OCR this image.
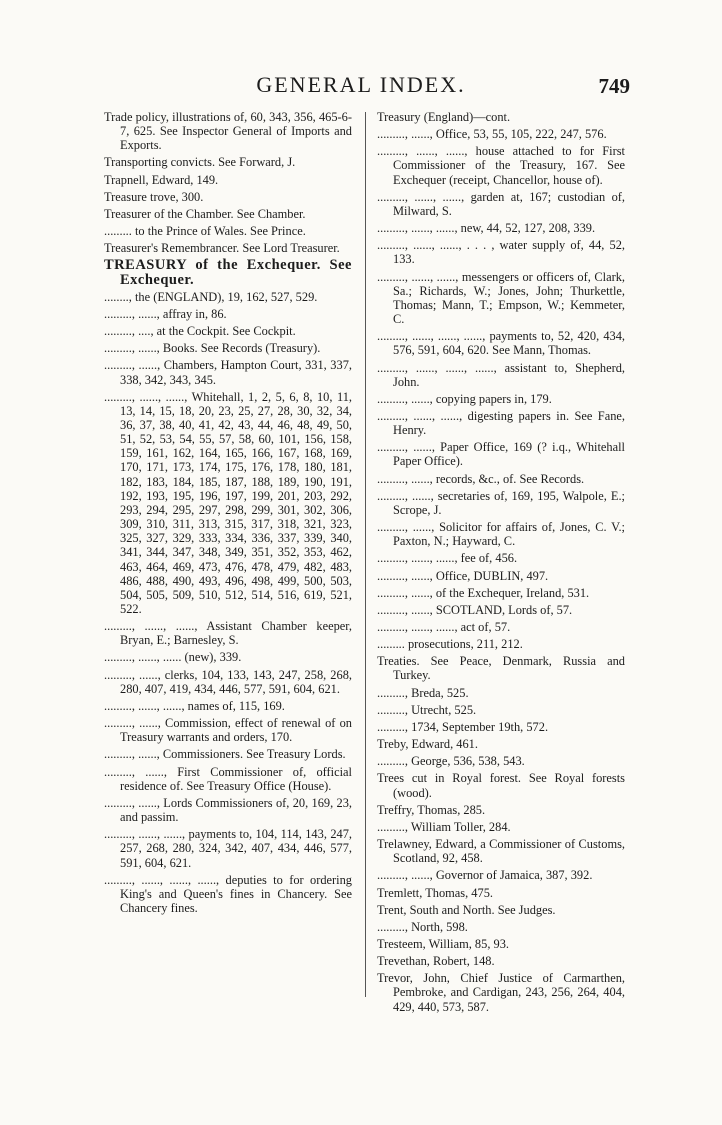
GENERAL INDEX.	749

Trade policy, illustrations of, 60, 343, 356, 465-6-7, 625. See Inspector General of Imports and Exports.

Transporting convicts. See Forward, J.

Trapnell, Edward, 149.

Treasure trove, 300.

Treasurer of the Chamber. See Chamber.

......... to the Prince of Wales. See Prince.

Treasurer's Remembrancer. See Lord Treasurer.

TREASURY of the Exchequer. See Exchequer.

........, the (ENGLAND), 19, 162, 527, 529.

........., ......, affray in, 86.

........., ...., at the Cockpit. See Cockpit.

........., ......, Books. See Records (Treasury).

........., ......, Chambers, Hampton Court, 331, 337, 338, 342, 343, 345.

........., ......, ......, Whitehall, 1, 2, 5, 6, 8, 10, 11, 13, 14, 15, 18, 20, 23, 25, 27, 28, 30, 32, 34, 36, 37, 38, 40, 41, 42, 43, 44, 46, 48, 49, 50, 51, 52, 53, 54, 55, 57, 58, 60, 101, 156, 158, 159, 161, 162, 164, 165, 166, 167, 168, 169, 170, 171, 173, 174, 175, 176, 178, 180, 181, 182, 183, 184, 185, 187, 188, 189, 190, 191, 192, 193, 195, 196, 197, 199, 201, 203, 292, 293, 294, 295, 297, 298, 299, 301, 302, 306, 309, 310, 311, 313, 315, 317, 318, 321, 323, 325, 327, 329, 333, 334, 336, 337, 339, 340, 341, 344, 347, 348, 349, 351, 352, 353, 462, 463, 464, 469, 473, 476, 478, 479, 482, 483, 486, 488, 490, 493, 496, 498, 499, 500, 503, 504, 505, 509, 510, 512, 514, 516, 619, 521, 522.

........., ......, ......, Assistant Chamber keeper, Bryan, E.; Barnesley, S.

........., ......, ...... (new), 339.

........., ......, clerks, 104, 133, 143, 247, 258, 268, 280, 407, 419, 434, 446, 577, 591, 604, 621.

........., ......, ......, names of, 115, 169.

........., ......, Commission, effect of renewal of on Treasury warrants and orders, 170.

........., ......, Commissioners. See Treasury Lords.

........., ......, First Commissioner of, official residence of. See Treasury Office (House).

........., ......, Lords Commissioners of, 20, 169, 23, and passim.

........., ......, ......, payments to, 104, 114, 143, 247, 257, 268, 280, 324, 342, 407, 434, 446, 577, 591, 604, 621.

........., ......, ......, ......, deputies to for ordering King's and Queen's fines in Chancery. See Chancery fines.

Treasury (England)—cont.

........., ......, Office, 53, 55, 105, 222, 247, 576.

........., ......, ......, house attached to for First Commissioner of the Treasury, 167. See Exchequer (receipt, Chancellor, house of).

........., ......, ......, garden at, 167; custodian of, Milward, S.

........., ......, ......, new, 44, 52, 127, 208, 339.

........., ......, ......, . . . , water supply of, 44, 52, 133.

........., ......, ......, messengers or officers of, Clark, Sa.; Richards, W.; Jones, John; Thurkettle, Thomas; Mann, T.; Empson, W.; Kemmeter, C.

........., ......, ......, ......, payments to, 52, 420, 434, 576, 591, 604, 620. See Mann, Thomas.

........., ......, ......, ......, assistant to, Shepherd, John.

........., ......, copying papers in, 179.

........., ......, ......, digesting papers in. See Fane, Henry.

........., ......, Paper Office, 169 (? i.q., Whitehall Paper Office).

........., ......, records, &c., of. See Records.

........., ......, secretaries of, 169, 195, Walpole, E.; Scrope, J.

........., ......, Solicitor for affairs of, Jones, C. V.; Paxton, N.; Hayward, C.

........., ......, ......, fee of, 456.

........., ......, Office, DUBLIN, 497.

........., ......, of the Exchequer, Ireland, 531.

........., ......, SCOTLAND, Lords of, 57.

........., ......, ......, act of, 57.

......... prosecutions, 211, 212.

Treaties. See Peace, Denmark, Russia and Turkey.

........., Breda, 525.

........., Utrecht, 525.

........., 1734, September 19th, 572.

Treby, Edward, 461.

........., George, 536, 538, 543.

Trees cut in Royal forest. See Royal forests (wood).

Treffry, Thomas, 285.

........., William Toller, 284.

Trelawney, Edward, a Commissioner of Customs, Scotland, 92, 458.

........., ......, Governor of Jamaica, 387, 392.

Tremlett, Thomas, 475.

Trent, South and North. See Judges.

........., North, 598.

Tresteem, William, 85, 93.

Trevethan, Robert, 148.

Trevor, John, Chief Justice of Carmarthen, Pembroke, and Cardigan, 243, 256, 264, 404, 429, 440, 573, 587.
